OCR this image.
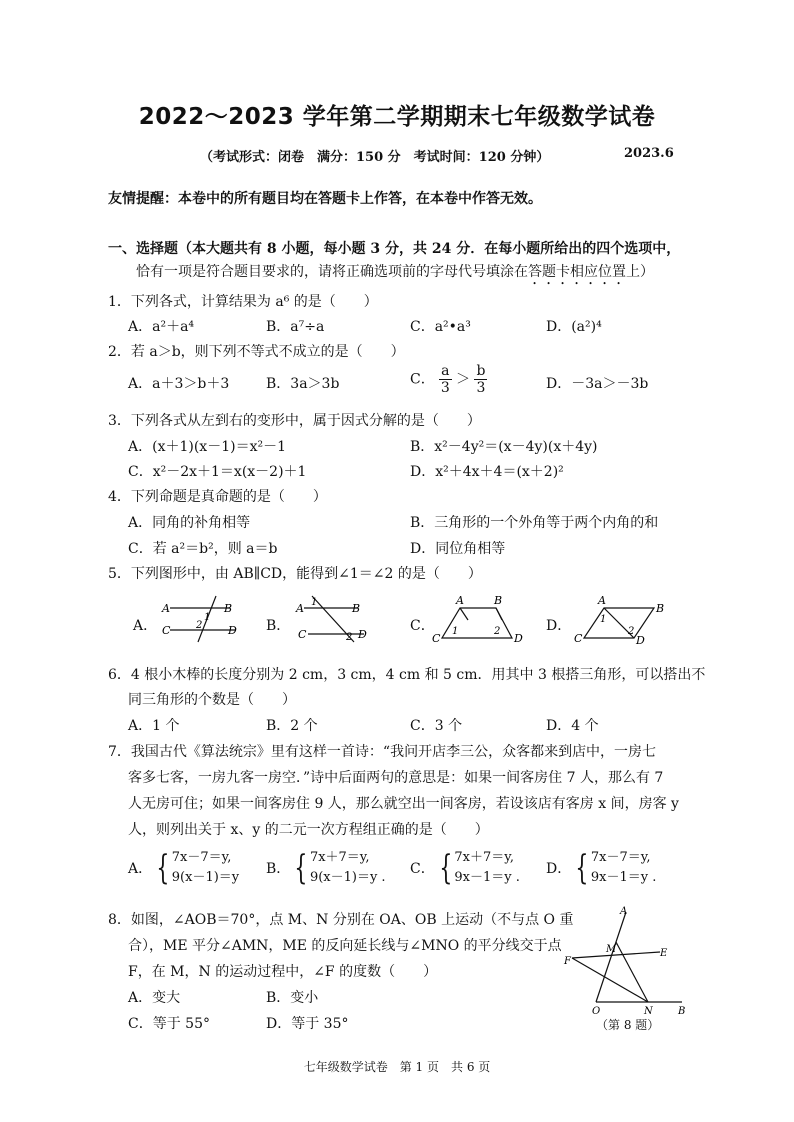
2022～2023 学年第二学期期末七年级数学试卷
（考试形式：闭卷　满分：150 分　考试时间：120 分钟）	2023.6
友情提醒：本卷中的所有题目均在答题卡上作答，在本卷中作答无效。
一、选择题（本大题共有 8 小题，每小题 3 分，共 24 分．在每小题所给出的四个选项中，
恰有一项是符合题目要求的，请将正确选项前的字母代号填涂在答题卡相应位置上）
1．下列各式，计算结果为 a⁶ 的是（　　）
A．a²＋a⁴	B．a⁷÷a	C．a²•a³	D．(a²)⁴
2．若 a＞b，则下列不等式不成立的是（　　）
A．a＋3＞b＋3	B．3a＞3b	C． $\frac{a}{3} > \frac{b}{3}$	D．－3a＞－3b
3．下列各式从左到右的变形中，属于因式分解的是（　　）
A．(x＋1)(x－1)＝x²－1	B．x²－4y²＝(x－4y)(x＋4y)
C．x²－2x＋1＝x(x－2)＋1	D．x²＋4x＋4＝(x＋2)²
4．下列命题是真命题的是（　　）
A．同角的补角相等	B．三角形的一个外角等于两个内角的和
C．若 a²＝b²，则 a＝b	D．同位角相等
5．下列图形中，由 AB∥CD，能得到∠1＝∠2 的是（　　）
A．	B．	C．	D．
A	B
C	D
1
2
A	B
C	D
1
2
A	B
C	D
1	2
A
B
C	D
1
2
6．4 根小木棒的长度分别为 2 cm，3 cm，4 cm 和 5 cm．用其中 3 根搭三角形，可以搭出不
同三角形的个数是（　　）
A．1 个	B．2 个	C．3 个	D．4 个
7．我国古代《算法统宗》里有这样一首诗：“我问开店李三公，众客都来到店中，一房七
客多七客，一房九客一房空．”诗中后面两句的意思是：如果一间客房住 7 人，那么有 7
人无房可住；如果一间客房住 9 人，那么就空出一间客房，若设该店有客房 x 间，房客 y
人，则列出关于 x、y 的二元一次方程组正确的是（　　）
A． { 7x－7＝y,
9(x－1)＝y
B． { 7x＋7＝y,
9(x－1)＝y .
C． { 7x＋7＝y,
9x－1＝y .
D． { 7x－7＝y,
9x－1＝y .
8．如图，∠AOB＝70°，点 M、N 分别在 OA、OB 上运动（不与点 O 重
合），ME 平分∠AMN，ME 的反向延长线与∠MNO 的平分线交于点
F，在 M，N 的运动过程中，∠F 的度数（　　）
A．变大	B．变小
C．等于 55°	D．等于 35°
A
M	E
F
O	N	B
（第 8 题）
七年级数学试卷　第 1 页　共 6 页
